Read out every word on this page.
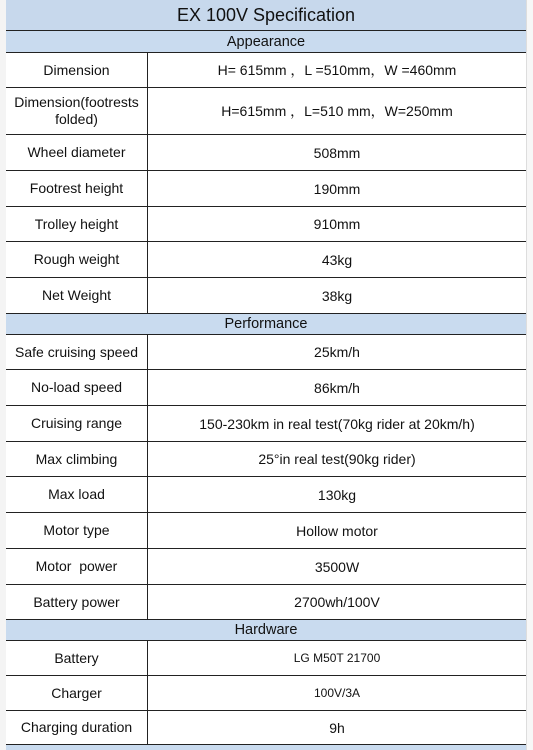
EX 100V Specification
Appearance
Dimension	H= 615mm ，L =510mm，W =460mm
Dimension(footrests folded)	H=615mm ，L=510 mm，W=250mm
Wheel diameter	508mm
Footrest height	190mm
Trolley height	910mm
Rough weight	43kg
Net Weight	38kg
Performance
Safe cruising speed	25km/h
No-load speed	86km/h
Cruising range	150-230km in real test(70kg rider at 20km/h)
Max climbing	25°in real test(90kg rider)
Max load	130kg
Motor type	Hollow motor
Motor  power	3500W
Battery power	2700wh/100V
Hardware
Battery	LG M50T 21700
Charger	100V/3A
Charging duration	9h
